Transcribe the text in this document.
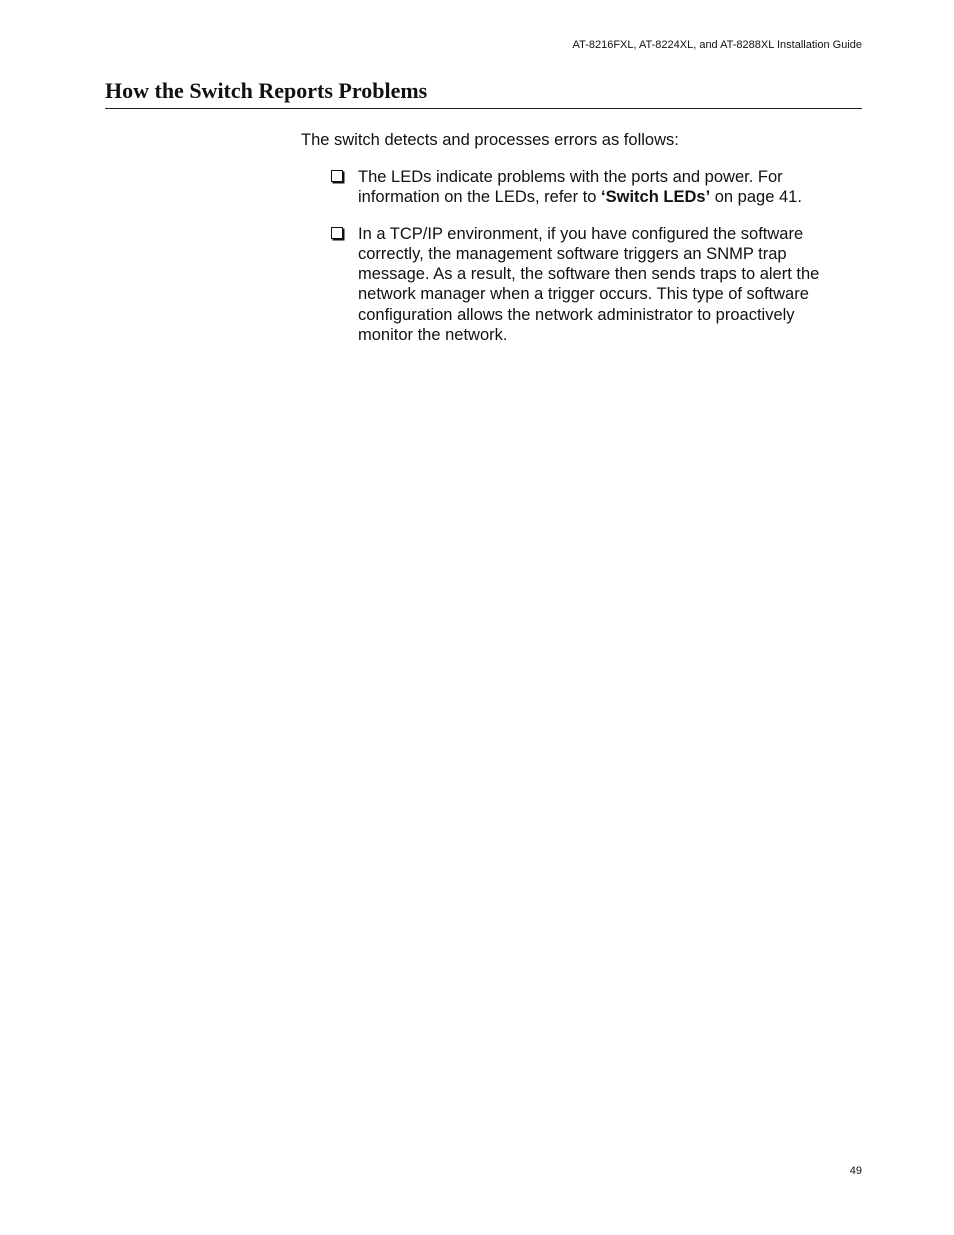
AT-8216FXL, AT-8224XL, and AT-8288XL Installation Guide
How the Switch Reports Problems

The switch detects and processes errors as follows:

The LEDs indicate problems with the ports and power. For information on the LEDs, refer to ‘Switch LEDs’ on page 41.
In a TCP/IP environment, if you have configured the software correctly, the management software triggers an SNMP trap message. As a result, the software then sends traps to alert the network manager when a trigger occurs. This type of software configuration allows the network administrator to proactively monitor the network.
49
